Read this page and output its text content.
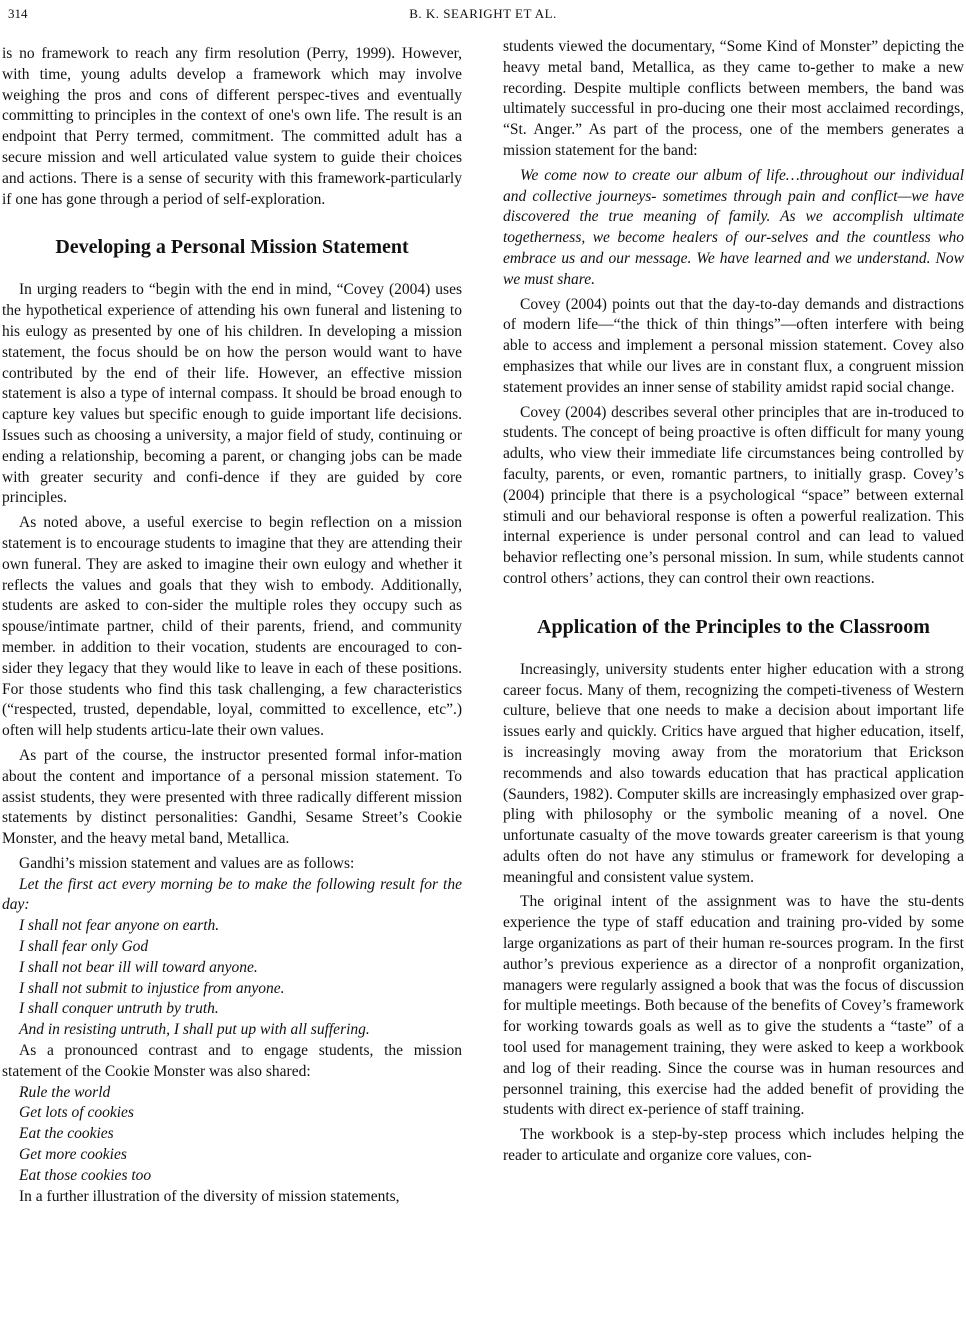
314	B. K. SEARIGHT ET AL.

is no framework to reach any firm resolution (Perry, 1999). However, with time, young adults develop a framework which may involve weighing the pros and cons of different perspec-tives and eventually committing to principles in the context of one's own life. The result is an endpoint that Perry termed, commitment. The committed adult has a secure mission and well articulated value system to guide their choices and actions. There is a sense of security with this framework-particularly if one has gone through a period of self-exploration.

Developing a Personal Mission Statement

In urging readers to “begin with the end in mind, “Covey (2004) uses the hypothetical experience of attending his own funeral and listening to his eulogy as presented by one of his children. In developing a mission statement, the focus should be on how the person would want to have contributed by the end of their life. However, an effective mission statement is also a type of internal compass. It should be broad enough to capture key values but specific enough to guide important life decisions. Issues such as choosing a university, a major field of study, continuing or ending a relationship, becoming a parent, or changing jobs can be made with greater security and confi-dence if they are guided by core principles.

As noted above, a useful exercise to begin reflection on a mission statement is to encourage students to imagine that they are attending their own funeral. They are asked to imagine their own eulogy and whether it reflects the values and goals that they wish to embody. Additionally, students are asked to con-sider the multiple roles they occupy such as spouse/intimate partner, child of their parents, friend, and community member. in addition to their vocation, students are encouraged to con-sider they legacy that they would like to leave in each of these positions. For those students who find this task challenging, a few characteristics (“respected, trusted, dependable, loyal, committed to excellence, etc”.) often will help students articu-late their own values.

As part of the course, the instructor presented formal infor-mation about the content and importance of a personal mission statement. To assist students, they were presented with three radically different mission statements by distinct personalities: Gandhi, Sesame Street’s Cookie Monster, and the heavy metal band, Metallica.

Gandhi’s mission statement and values are as follows:

Let the first act every morning be to make the following result for the day:

I shall not fear anyone on earth.

I shall fear only God

I shall not bear ill will toward anyone.

I shall not submit to injustice from anyone.

I shall conquer untruth by truth.

And in resisting untruth, I shall put up with all suffering.

As a pronounced contrast and to engage students, the mission statement of the Cookie Monster was also shared:

Rule the world

Get lots of cookies

Eat the cookies

Get more cookies

Eat those cookies too

In a further illustration of the diversity of mission statements,

students viewed the documentary, “Some Kind of Monster” depicting the heavy metal band, Metallica, as they came to-gether to make a new recording. Despite multiple conflicts between members, the band was ultimately successful in pro-ducing one their most acclaimed recordings, “St. Anger.” As part of the process, one of the members generates a mission statement for the band:

We come now to create our album of life…throughout our individual and collective journeys- sometimes through pain and conflict—we have discovered the true meaning of family. As we accomplish ultimate togetherness, we become healers of our-selves and the countless who embrace us and our message. We have learned and we understand. Now we must share.

Covey (2004) points out that the day-to-day demands and distractions of modern life—“the thick of thin things”—often interfere with being able to access and implement a personal mission statement. Covey also emphasizes that while our lives are in constant flux, a congruent mission statement provides an inner sense of stability amidst rapid social change.

Covey (2004) describes several other principles that are in-troduced to students. The concept of being proactive is often difficult for many young adults, who view their immediate life circumstances being controlled by faculty, parents, or even, romantic partners, to initially grasp. Covey’s (2004) principle that there is a psychological “space” between external stimuli and our behavioral response is often a powerful realization. This internal experience is under personal control and can lead to valued behavior reflecting one’s personal mission. In sum, while students cannot control others’ actions, they can control their own reactions.

Application of the Principles to the Classroom

Increasingly, university students enter higher education with a strong career focus. Many of them, recognizing the competi-tiveness of Western culture, believe that one needs to make a decision about important life issues early and quickly. Critics have argued that higher education, itself, is increasingly moving away from the moratorium that Erickson recommends and also towards education that has practical application (Saunders, 1982). Computer skills are increasingly emphasized over grap-pling with philosophy or the symbolic meaning of a novel. One unfortunate casualty of the move towards greater careerism is that young adults often do not have any stimulus or framework for developing a meaningful and consistent value system.

The original intent of the assignment was to have the stu-dents experience the type of staff education and training pro-vided by some large organizations as part of their human re-sources program. In the first author’s previous experience as a director of a nonprofit organization, managers were regularly assigned a book that was the focus of discussion for multiple meetings. Both because of the benefits of Covey’s framework for working towards goals as well as to give the students a “taste” of a tool used for management training, they were asked to keep a workbook and log of their reading. Since the course was in human resources and personnel training, this exercise had the added benefit of providing the students with direct ex-perience of staff training.

The workbook is a step-by-step process which includes helping the reader to articulate and organize core values, con-
